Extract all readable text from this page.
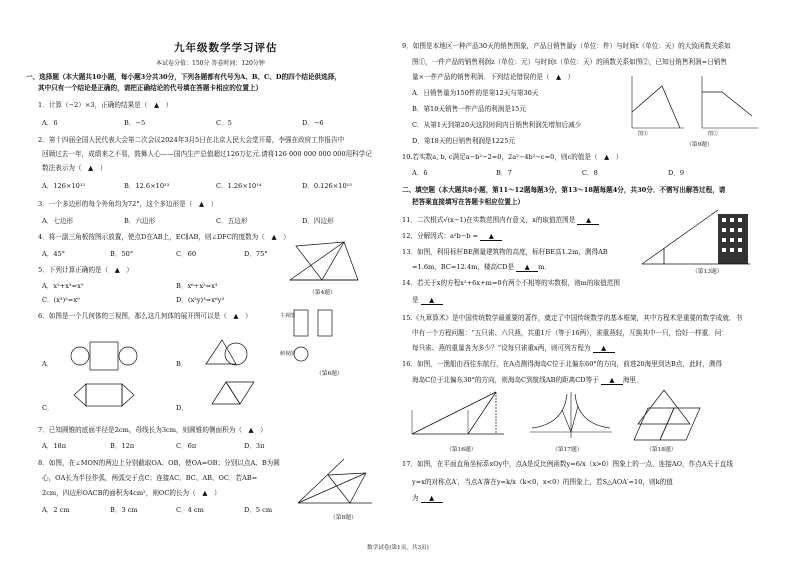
九年级数学学习评估
本试卷分值：150分 答卷时间：120分钟
一、选择题（本大题共10小题，每小题3分共30分，下列各题都有代号为A、B、C、D的四个结论供选择，
其中只有一个结论是正确的，请把正确结论的代号填在答题卡相应的位置上）
1．计算（−2）×3，正确的结果是（　▲　）
A．6	B．−5	C．5	D．−6
2．第十四届全国人民代表大会第二次会议2024年3月5日在北京人民大会堂开幕，李强在政府工作报告中
回顾过去一年，成绩来之不易，鼓舞人心——国内生产总值超过126万亿元.请将126 000 000 000 000用科学记
数法表示为（　▲　）
A．126×10¹²	B．12.6×10¹³	C．1.26×10¹⁴	D．0.126×10¹⁵
3．一个多边形的每个外角均为72°，这个多边形是（　▲　）
A．七边形	B．六边形	C．五边形	D．四边形
4．将一副三角板按图示放置，使点D在AB上，EC∥AB，则∠DFC的度数为（　▲　）
A．45°	B．50°	C．60	D．75°
（第4题）
5．下列计算正确的是（　▲　）
A．x²+x³=x⁵	B．x⁶÷x²=x³
C．(x³)²=x⁹	D．(x²y)³=x⁶y³
6．如图是一个几何体的三视图，那么这几何体的展开图可以是（　▲　）	主视图
俯视图
（第6题）
A．	B．
C．	D．
7．已知圆锥的底面半径是2cm，母线长为3cm，则圆锥的侧面积为（　▲　）
A．18π	B．12π	C．6π	D．3π
8．如图，在∠MON的两边上分别截取OA、OB，使OA=OB；分别以点A、B为圆
心，OA长为半径作弧，两弧交于点C；连接AC、BC、AB、OC．若AB=
2cm，四边形OACB的面积为4cm²，则OC的长为（　▲　）
A．2 cm	B．3 cm	C．4 cm	D．5 cm
（第8题）
9．如图是本地区一种产品30天的销售图象，产品日销售量y（单位：件）与时间t（单位：天）的大致函数关系如
图①，一件产品的销售利润z（单位：元）与时间t（单位：天）的函数关系如图②，已知日销售利润=日销售
量×一件产品的销售利润．下列结论错误的是（　▲　）
A．日销售量为150件的是第12天与第30天
B．第10天销售一件产品的利润是15元
C．从第1天到第20天这段时间内日销售利润先增加后减少
D．第18天的日销售利润是1225元
图①	图②
（第9题）
10.若实数a, b, c满足a−b²−2=0，2a²−4b²−c=0，则c的值是（　▲　）
A．6	B．7	C．8	D．9
二、填空题（本大题共8小题，第11～12题每题3分，第13～18题每题4分，共30分．不需写出解答过程，请
把答案直接填写在答题卡相应位置上）
11．二次根式√(x−1)在实数范围内有意义，x的取值范围是 ▲
12．分解因式：a²b−b = ▲
13．如图，利用标杆BE测量建筑物的高度，标杆BE高1.2m，测得AB
=1.6m，BC=12.4m，楼高CD是 ▲ m．
（第13题）
14．若关于x的方程x²+6x+m=0有两个不相等的实数根，则m的取值范围
是 ▲
15.《九章算术》是中国传统数学最重要的著作，奠定了中国传统数学的基本框架，其中方程术是重要的数学成就．书
中有一个方程问题：“五只雀、六只燕，共重1斤（等于16两），雀重燕轻，互换其中一只，恰好一样重．问：
每只雀、燕的重量各为多少？”设每只雀重x两，则可列方程为 ▲
16．如图，一渔船由西往东航行，在A点测得海岛C位于北偏东60°的方向，前进20海里到达B点，此时，测得
海岛C位于北偏东30°的方向，则海岛C到航线AB的距离CD等于 ▲ 海里．
（第16题）	（第17题）	（第18题）
17．如图，在平面直角坐标系xOy中，点A是反比例函数y=6/x（x>0）图象上的一点，连接AO，作点A关于直线
y=x的对称点A′，当点A′落在y=k/x（k<0，x<0）的图象上，若S△AOA′=10，则k的值
为 ▲
数学试卷(第1页，共3页)
